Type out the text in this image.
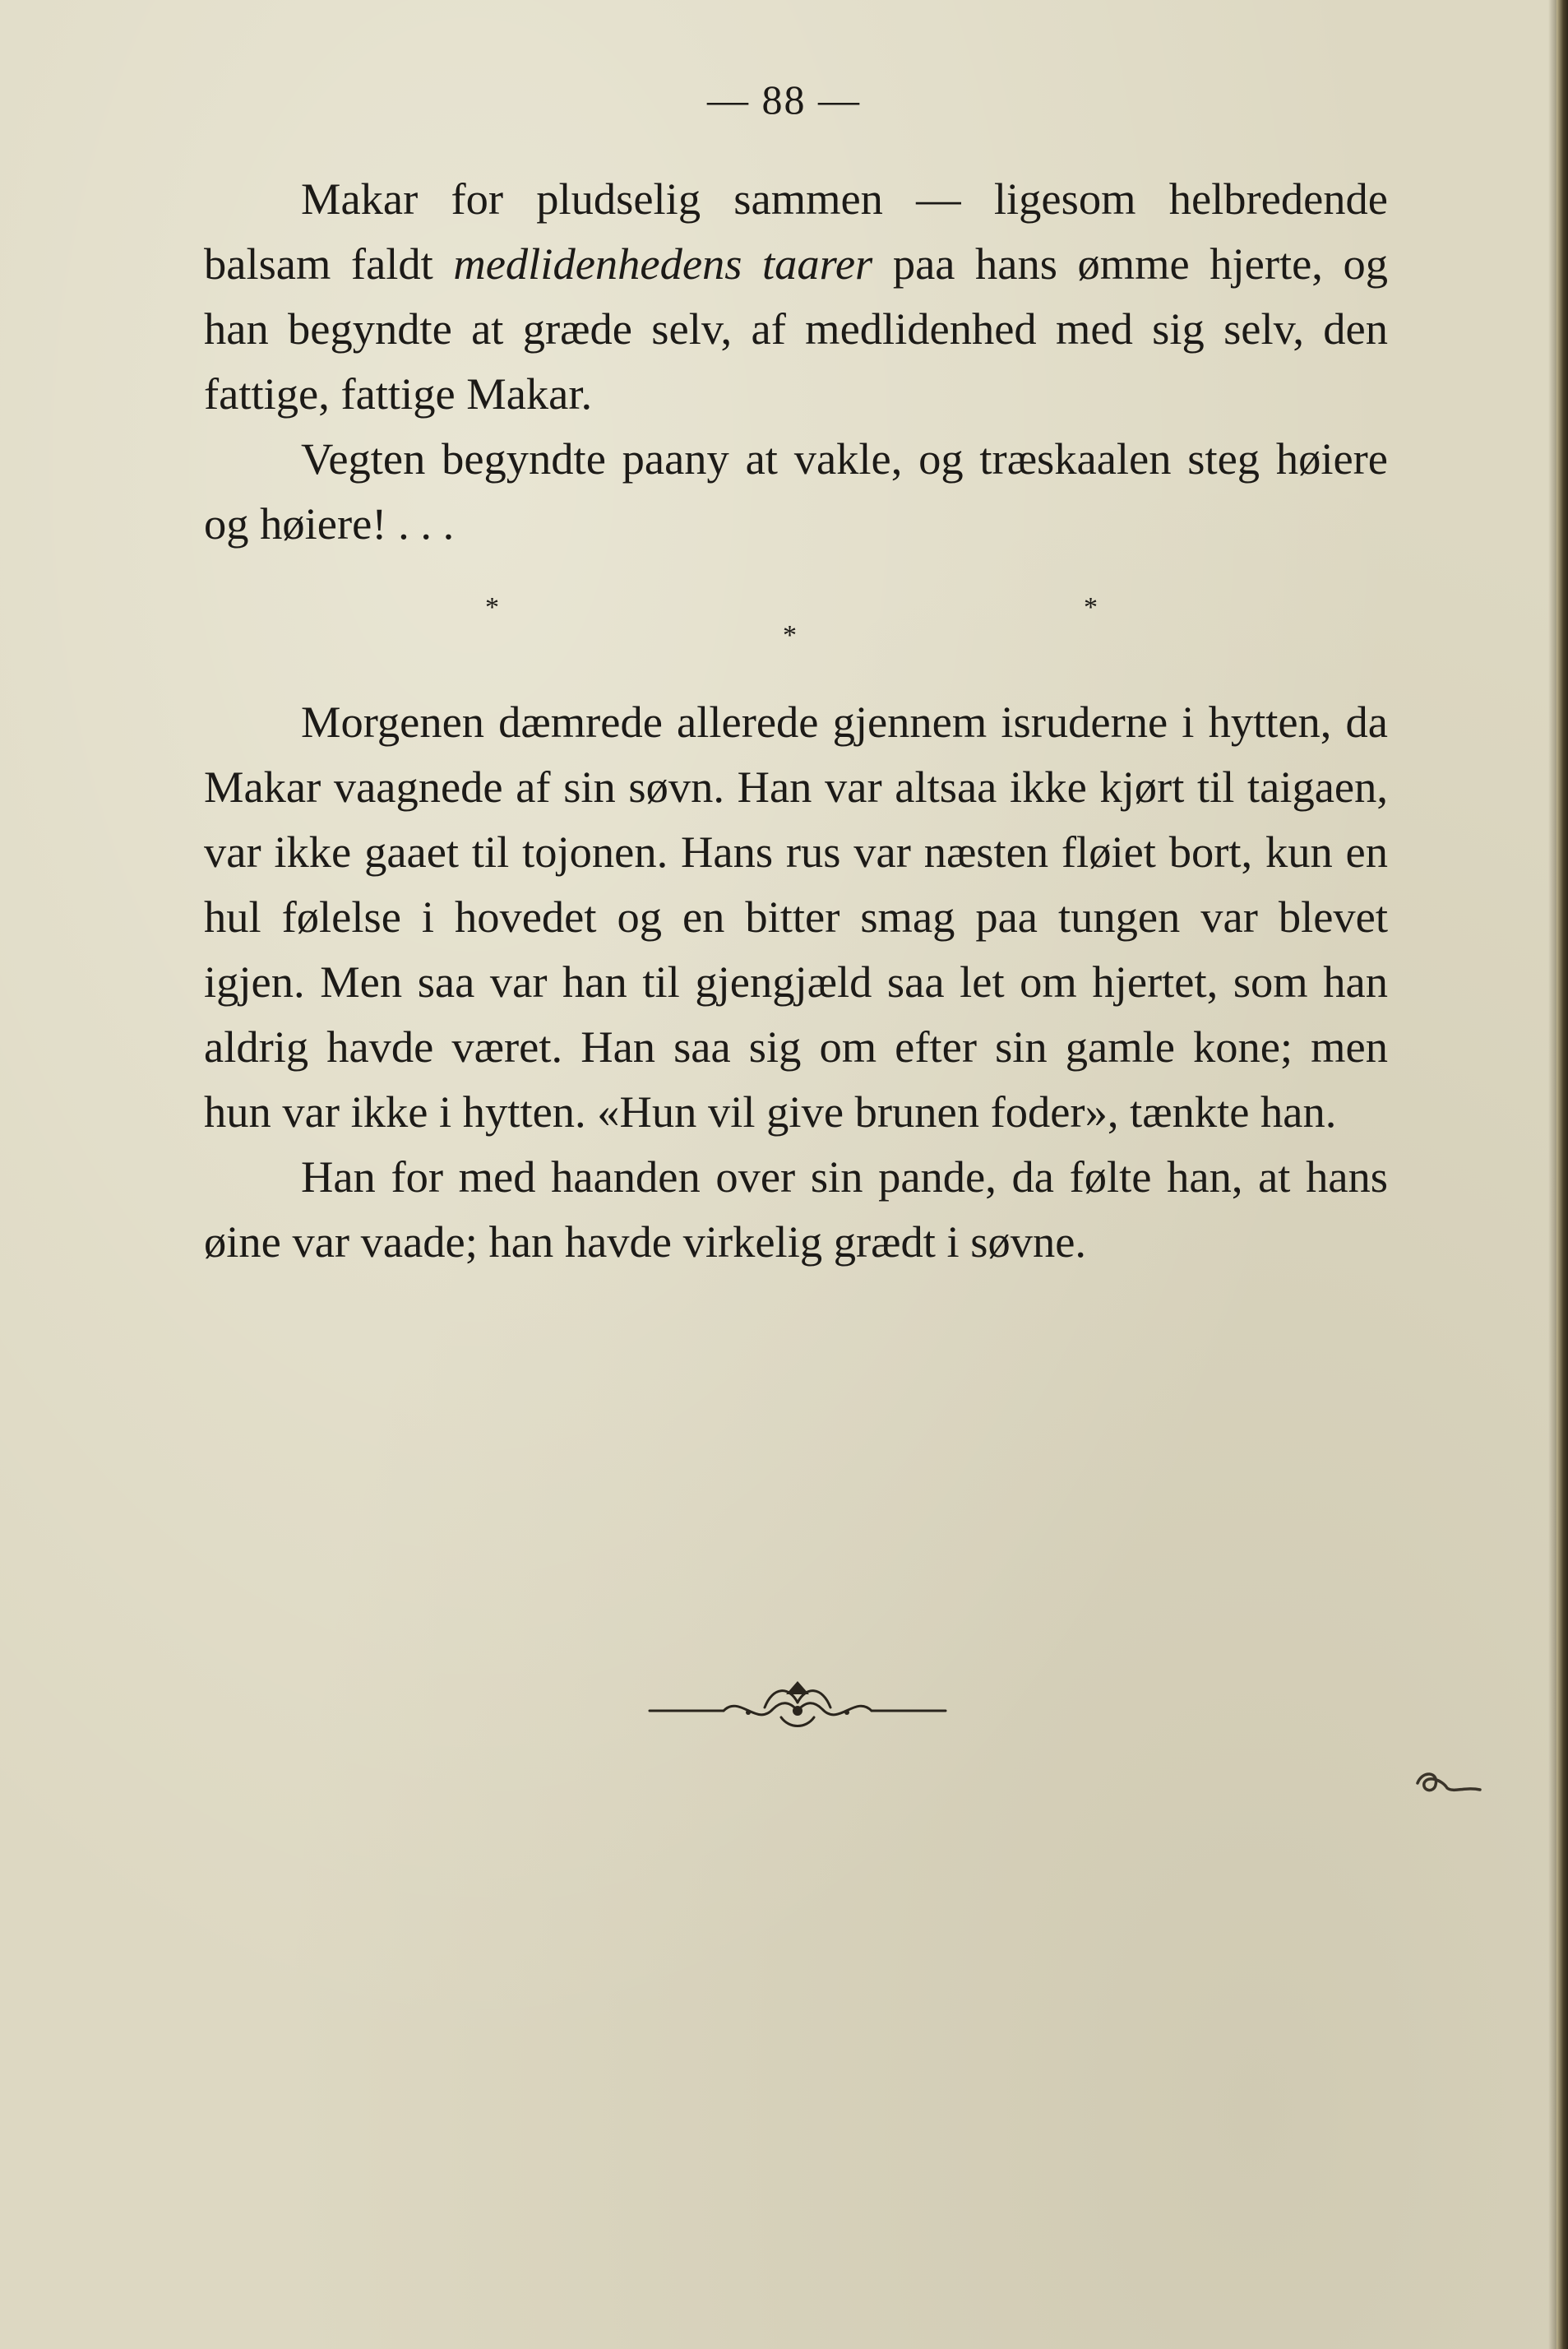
— 88 —

Makar for pludselig sammen — ligesom helbredende balsam faldt medlidenhedens taarer paa hans ømme hjerte, og han begyndte at græde selv, af medlidenhed med sig selv, den fattige, fattige Makar.

Vegten begyndte paany at vakle, og træskaalen steg høiere og høiere! . . .

*
*
*

Morgenen dæmrede allerede gjennem isruderne i hytten, da Makar vaagnede af sin søvn. Han var altsaa ikke kjørt til taigaen, var ikke gaaet til tojonen. Hans rus var næsten fløiet bort, kun en hul følelse i hovedet og en bitter smag paa tungen var blevet igjen. Men saa var han til gjengjæld saa let om hjertet, som han aldrig havde været. Han saa sig om efter sin gamle kone; men hun var ikke i hytten. «Hun vil give brunen foder», tænkte han.

Han for med haanden over sin pande, da følte han, at hans øine var vaade; han havde virkelig grædt i søvne.
